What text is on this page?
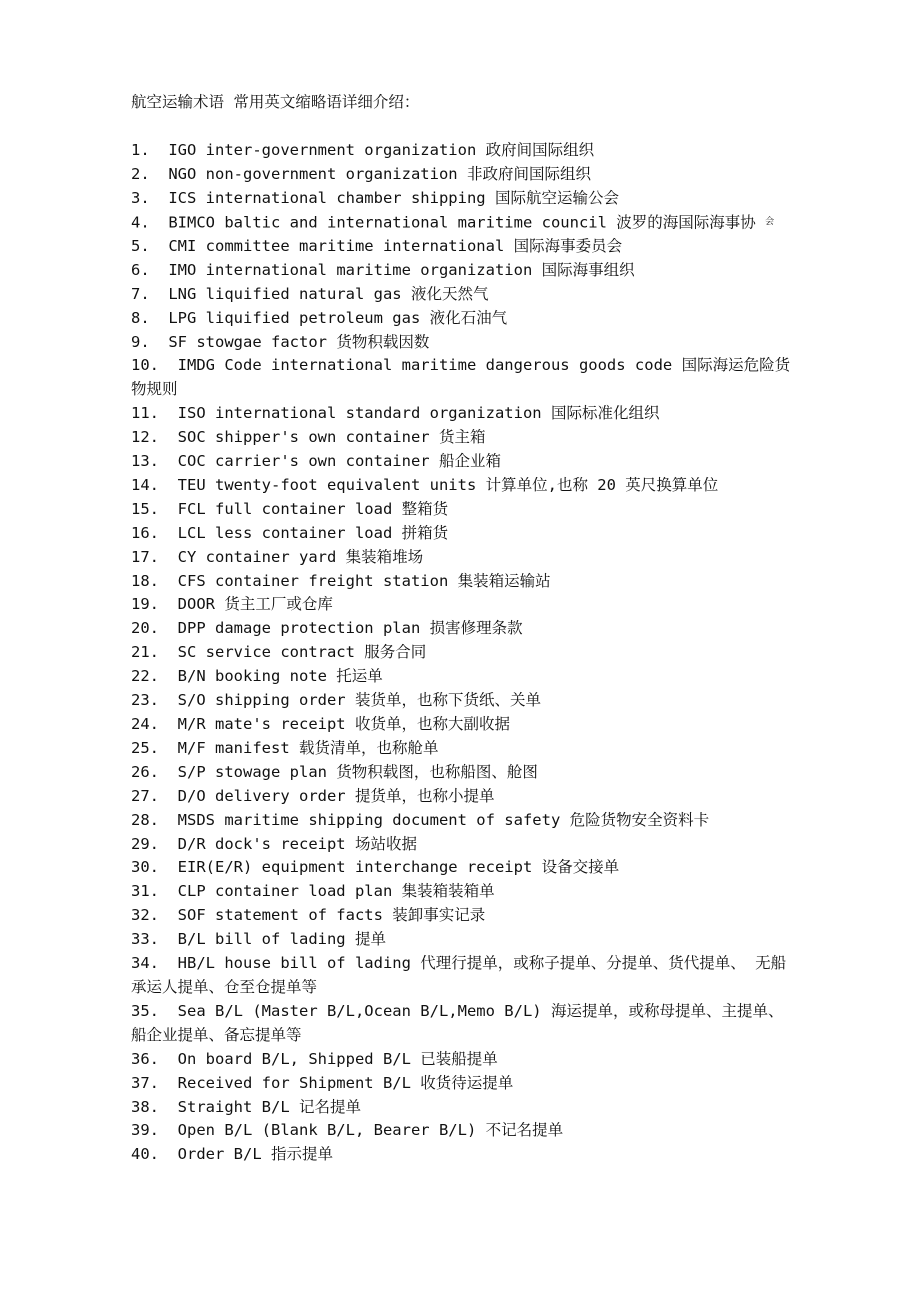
航空运输术语 常用英文缩略语详细介绍：
1. IGO inter-government organization 政府间国际组织
2. NGO non-government organization 非政府间国际组织
3. ICS international chamber shipping 国际航空运输公会
4. BIMCO baltic and international maritime council 波罗的海国际海事协 会
5. CMI committee maritime international 国际海事委员会
6. IMO international maritime organization 国际海事组织
7. LNG liquified natural gas 液化天然气
8. LPG liquified petroleum gas 液化石油气
9. SF stowgae factor 货物积载因数
10. IMDG Code international maritime dangerous goods code 国际海运危险货物规则
11. ISO international standard organization 国际标准化组织
12. SOC shipper's own container 货主箱
13. COC carrier's own container 船企业箱
14. TEU twenty-foot equivalent units 计算单位,也称 20 英尺换算单位
15. FCL full container load 整箱货
16. LCL less container load 拼箱货
17. CY container yard 集装箱堆场
18. CFS container freight station 集装箱运输站
19. DOOR 货主工厂或仓库
20. DPP damage protection plan 损害修理条款
21. SC service contract 服务合同
22. B/N booking note 托运单
23. S/O shipping order 装货单，也称下货纸、关单
24. M/R mate's receipt 收货单，也称大副收据
25. M/F manifest 载货清单，也称舱单
26. S/P stowage plan 货物积载图，也称船图、舱图
27. D/O delivery order 提货单，也称小提单
28. MSDS maritime shipping document of safety 危险货物安全资料卡
29. D/R dock's receipt 场站收据
30. EIR(E/R) equipment interchange receipt 设备交接单
31. CLP container load plan 集装箱装箱单
32. SOF statement of facts 装卸事实记录
33. B/L bill of lading 提单
34. HB/L house bill of lading 代理行提单，或称子提单、分提单、货代提单、 无船承运人提单、仓至仓提单等
35. Sea B/L (Master B/L,Ocean B/L,Memo B/L) 海运提单，或称母提单、主提单、船企业提单、备忘提单等
36. On board B/L, Shipped B/L 已装船提单
37. Received for Shipment B/L 收货待运提单
38. Straight B/L 记名提单
39. Open B/L (Blank B/L, Bearer B/L) 不记名提单
40. Order B/L 指示提单
